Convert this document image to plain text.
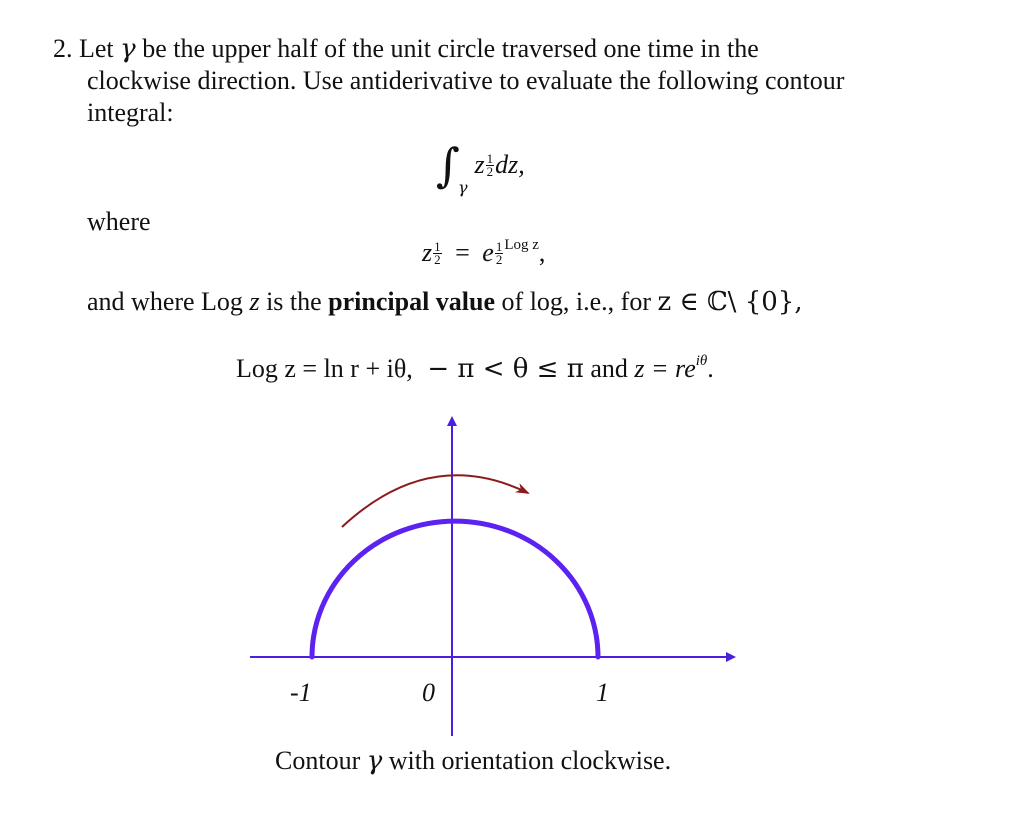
2. Let γ be the upper half of the unit circle traversed one time in the
clockwise direction. Use antiderivative to evaluate the following contour
integral:
∫
γ
z $\frac{1}{2}$ dz,
where
z $\frac{1}{2} = e \frac{1}{2} ^{Log z}$,
and where Log z is the principal value of log, i.e., for z ∈ ℂ\ {0},
Log z = ln r + iθ, − π < θ ≤ π and $z = re^{i\theta}$.
-1	0	1
Contour γ with orientation clockwise.
